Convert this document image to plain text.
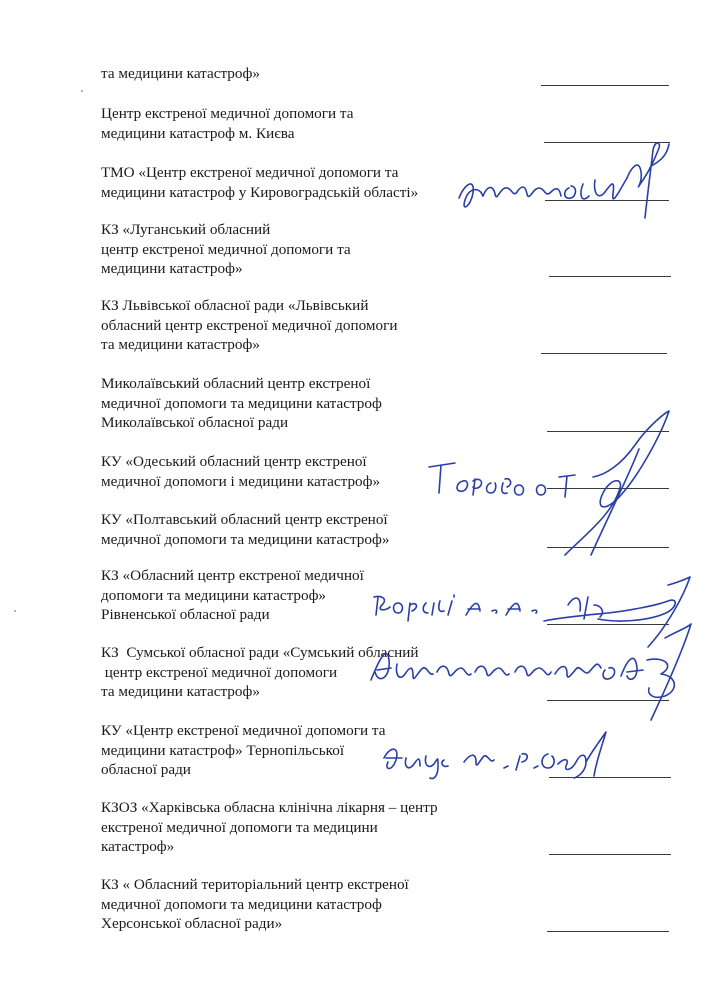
та медицини катастроф»
Центр екстреної медичної допомоги та
медицини катастроф м. Києва
ТМО «Центр екстреної медичної допомоги та
медицини катастроф у Кировоградській області»
КЗ «Луганський обласний
центр екстреної медичної допомоги та
медицини катастроф»
КЗ Львівської обласної ради «Львівський
обласний центр екстреної медичної допомоги
та медицини катастроф»
Миколаївський обласний центр екстреної
медичної допомоги та медицини катастроф
Миколаївської обласної ради
КУ «Одеський обласний центр екстреної
медичної допомоги і медицини катастроф»
КУ «Полтавський обласний центр екстреної
медичної допомоги та медицини катастроф»
КЗ «Обласний центр екстреної медичної
допомоги та медицини катастроф»
Рівненської обласної ради
КЗ  Сумської обласної ради «Сумський обласний
центр екстреної медичної допомоги
та медицини катастроф»
КУ «Центр екстреної медичної допомоги та
медицини катастроф» Тернопільської
обласної ради
КЗОЗ «Харківська обласна клінічна лікарня – центр
екстреної медичної допомоги та медицини
катастроф»
КЗ « Обласний територіальний центр екстреної
медичної допомоги та медицини катастроф
Херсонської обласної ради»
